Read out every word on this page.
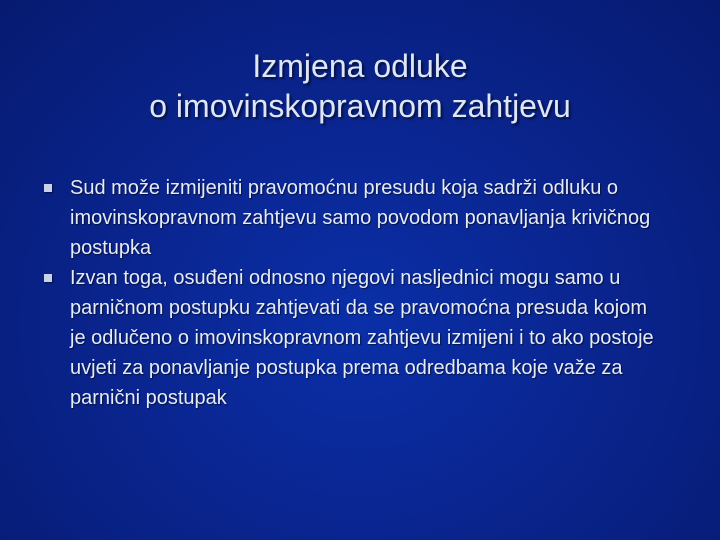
Izmjena odluke
o imovinskopravnom zahtjevu
Sud može izmijeniti pravomoćnu presudu koja sadrži odluku o imovinskopravnom zahtjevu samo povodom ponavljanja krivičnog postupka
Izvan toga, osuđeni odnosno njegovi nasljednici mogu samo u parničnom postupku zahtjevati da se pravomoćna presuda kojom je odlučeno o imovinskopravnom zahtjevu izmijeni i to ako postoje uvjeti za ponavljanje postupka prema odredbama koje važe za parnični postupak
